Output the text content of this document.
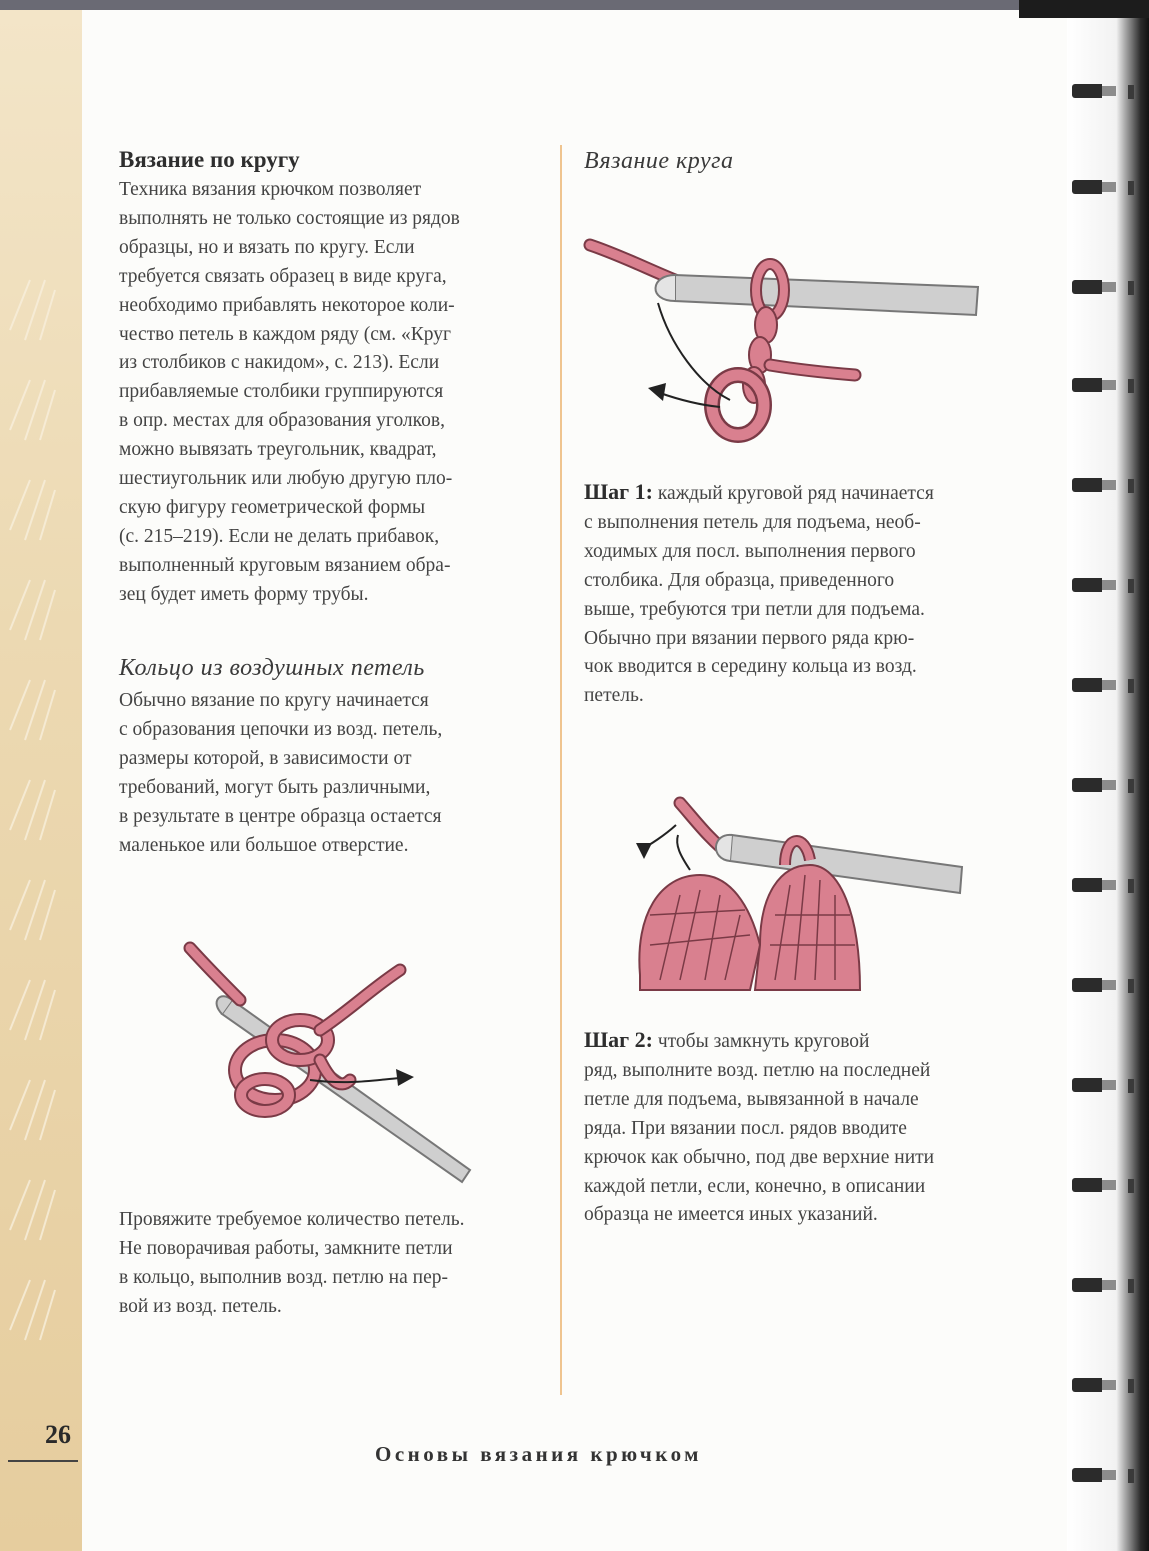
Вязание по кругу
Техника вязания крючком позволяет
выполнять не только состоящие из рядов
образцы, но и вязать по кругу. Если
требуется связать образец в виде круга,
необходимо прибавлять некоторое коли-
чество петель в каждом ряду (см. «Круг
из столбиков с накидом», с. 213). Если
прибавляемые столбики группируются
в опр. местах для образования уголков,
можно вывязать треугольник, квадрат,
шестиугольник или любую другую пло-
скую фигуру геометрической формы
(с. 215–219). Если не делать прибавок,
выполненный круговым вязанием обра-
зец будет иметь форму трубы.
Кольцо из воздушных петель
Обычно вязание по кругу начинается
с образования цепочки из возд. петель,
размеры которой, в зависимости от
требований, могут быть различными,
в результате в центре образца остается
маленькое или большое отверстие.
Провяжите требуемое количество петель.
Не поворачивая работы, замкните петли
в кольцо, выполнив возд. петлю на пер-
вой из возд. петель.
Вязание круга
Шаг 1: каждый круговой ряд начинается
с выполнения петель для подъема, необ-
ходимых для посл. выполнения первого
столбика. Для образца, приведенного
выше, требуются три петли для подъема.
Обычно при вязании первого ряда крю-
чок вводится в середину кольца из возд.
петель.
Шаг 2: чтобы замкнуть круговой
ряд, выполните возд. петлю на последней
петле для подъема, вывязанной в начале
ряда. При вязании посл. рядов вводите
крючок как обычно, под две верхние нити
каждой петли, если, конечно, в описании
образца не имеется иных указаний.
26
Основы вязания крючком
